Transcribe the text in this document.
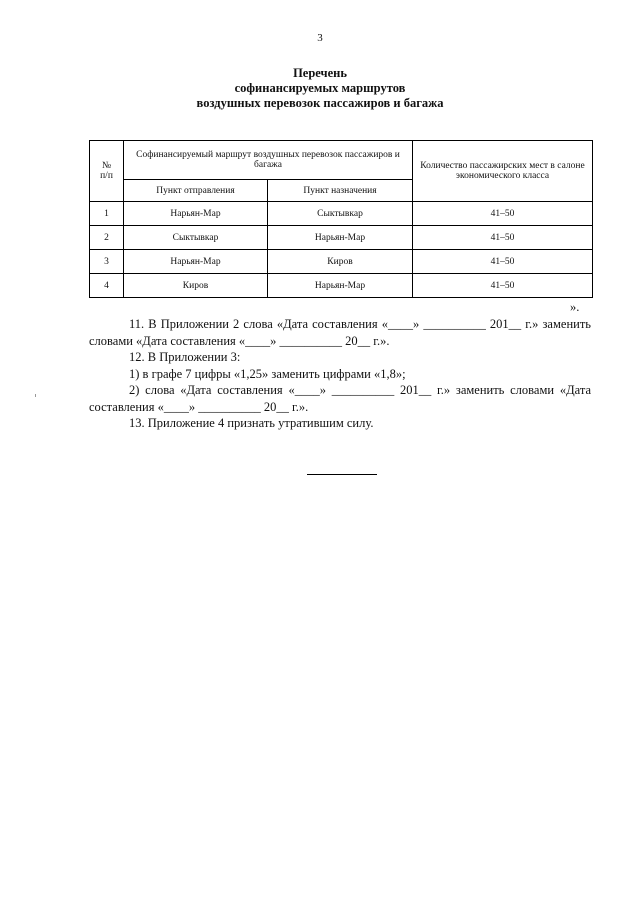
3
Перечень
софинансируемых маршрутов
воздушных перевозок пассажиров и багажа
№
п/п	Софинансируемый маршрут воздушных перевозок пассажиров и багажа		Количество пассажирских мест в салоне экономического класса
	Пункт отправления	Пункт назначения	
1	Нарьян-Мар	Сыктывкар	41–50
2	Сыктывкар	Нарьян-Мар	41–50
3	Нарьян-Мар	Киров	41–50
4	Киров	Нарьян-Мар	41–50
».

11. В Приложении 2 слова «Дата составления «____» __________ 201__ г.» заменить словами «Дата составления «____» __________ 20__ г.».

12. В Приложении 3:

1) в графе 7 цифры «1,25» заменить цифрами «1,8»;

2) слова «Дата составления «____» __________ 201__ г.» заменить словами «Дата составления «____» __________ 20__ г.».

13. Приложение 4 признать утратившим силу.
